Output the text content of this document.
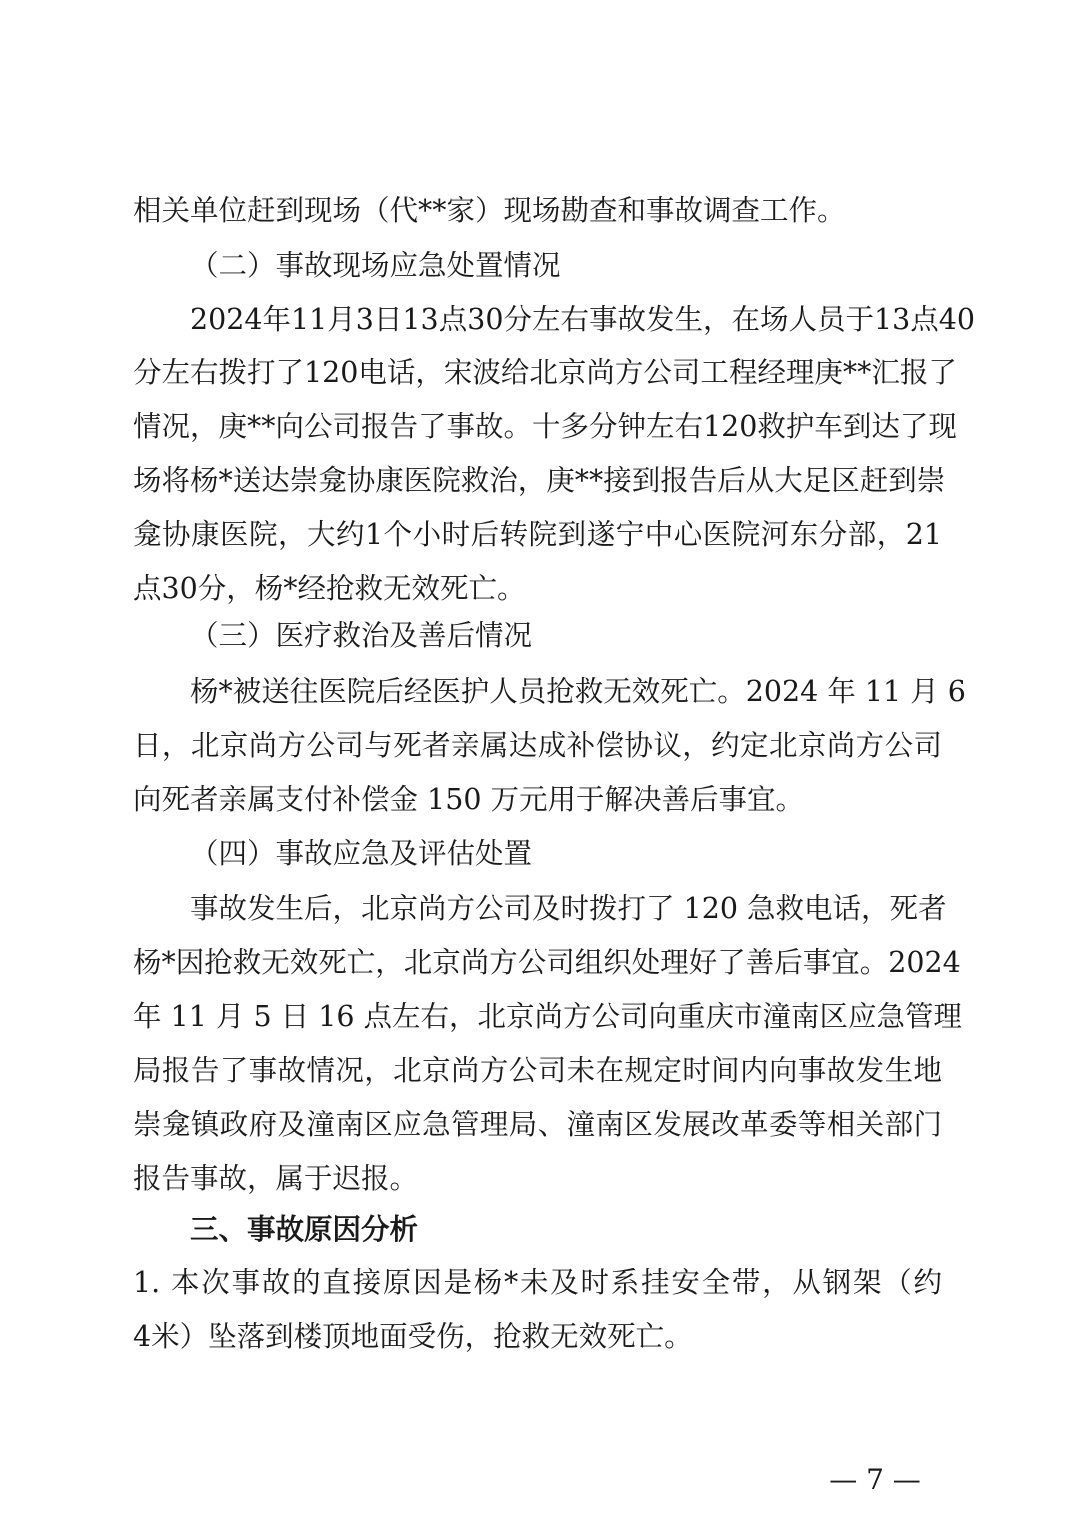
相关单位赶到现场（代**家）现场勘查和事故调查工作。
（二）事故现场应急处置情况
2024年11月3日13点30分左右事故发生，在场人员于13点40
分左右拨打了120电话，宋波给北京尚方公司工程经理庚**汇报了
情况，庚**向公司报告了事故。十多分钟左右120救护车到达了现
场将杨*送达崇龛协康医院救治，庚**接到报告后从大足区赶到崇
龛协康医院，大约1个小时后转院到遂宁中心医院河东分部，21
点30分，杨*经抢救无效死亡。
（三）医疗救治及善后情况
杨*被送往医院后经医护人员抢救无效死亡。2024 年 11 月 6
日，北京尚方公司与死者亲属达成补偿协议，约定北京尚方公司
向死者亲属支付补偿金 150 万元用于解决善后事宜。
（四）事故应急及评估处置
事故发生后，北京尚方公司及时拨打了 120 急救电话，死者
杨*因抢救无效死亡，北京尚方公司组织处理好了善后事宜。2024
年 11 月 5 日 16 点左右，北京尚方公司向重庆市潼南区应急管理
局报告了事故情况，北京尚方公司未在规定时间内向事故发生地
崇龛镇政府及潼南区应急管理局、潼南区发展改革委等相关部门
报告事故，属于迟报。
三、事故原因分析
1. 本次事故的直接原因是杨*未及时系挂安全带，从钢架（约
4米）坠落到楼顶地面受伤，抢救无效死亡。
— 7 —
